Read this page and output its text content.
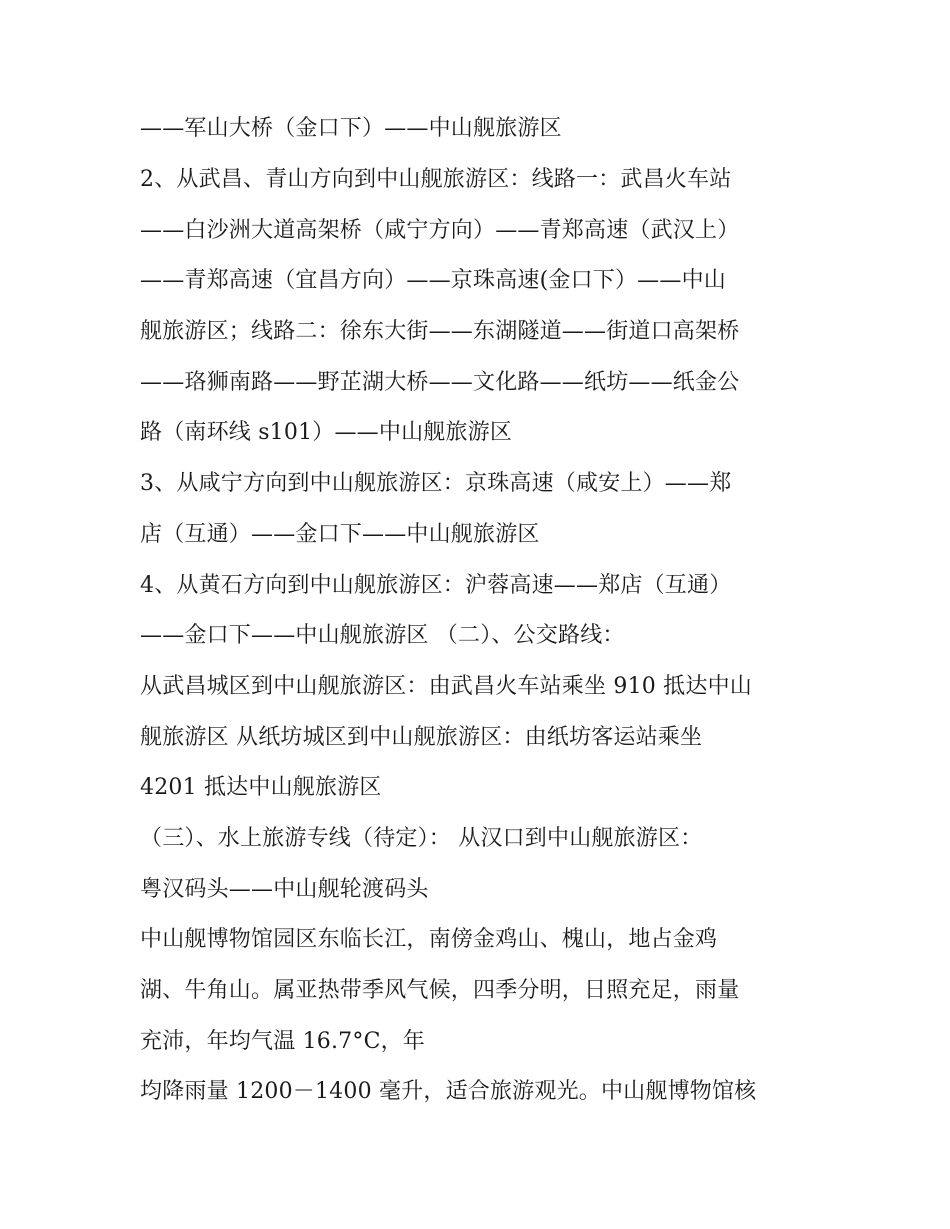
——军山大桥（金口下）——中山舰旅游区
2、从武昌、青山方向到中山舰旅游区：线路一：武昌火车站
——白沙洲大道高架桥（咸宁方向）——青郑高速（武汉上）
——青郑高速（宜昌方向）——京珠高速(金口下）——中山
舰旅游区；线路二：徐东大街——东湖隧道——街道口高架桥
——珞狮南路——野芷湖大桥——文化路——纸坊——纸金公
路（南环线 s101）——中山舰旅游区
3、从咸宁方向到中山舰旅游区：京珠高速（咸安上）——郑
店（互通）——金口下——中山舰旅游区
4、从黄石方向到中山舰旅游区：沪蓉高速——郑店（互通）
——金口下——中山舰旅游区 （二）、公交路线：
从武昌城区到中山舰旅游区：由武昌火车站乘坐 910 抵达中山
舰旅游区 从纸坊城区到中山舰旅游区：由纸坊客运站乘坐
4201 抵达中山舰旅游区
（三）、水上旅游专线（待定）： 从汉口到中山舰旅游区：
粤汉码头——中山舰轮渡码头
中山舰博物馆园区东临长江，南傍金鸡山、槐山，地占金鸡
湖、牛角山。属亚热带季风气候，四季分明，日照充足，雨量
充沛，年均气温 16.7°C，年
均降雨量 1200－1400 毫升，适合旅游观光。中山舰博物馆核
